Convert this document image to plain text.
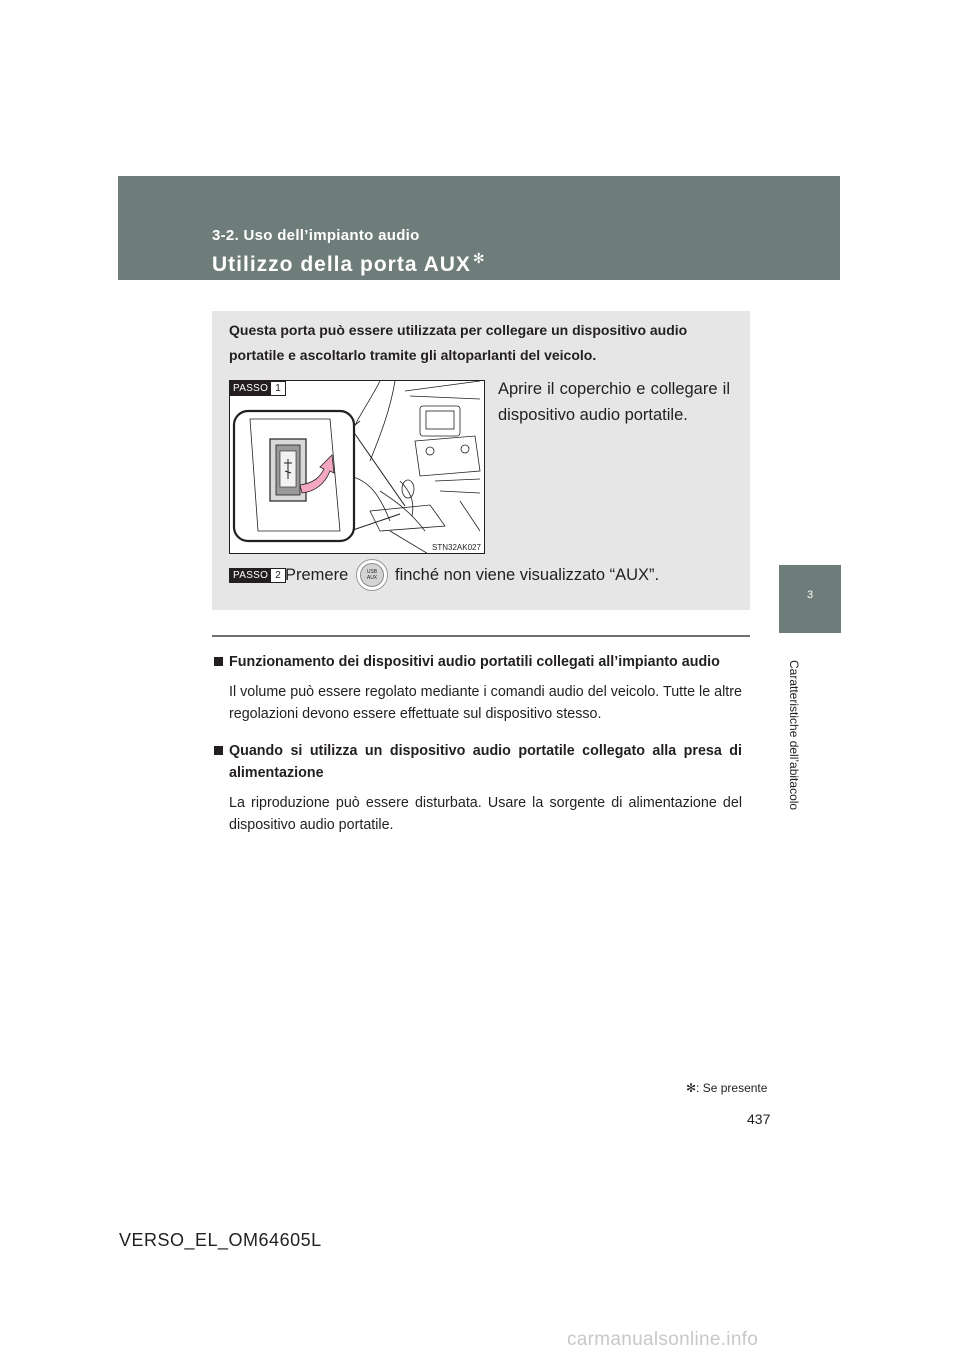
3-2. Uso dell’impianto audio
Utilizzo della porta AUX ✻
3
Caratteristiche dell’abitacolo
Questa porta può essere utilizzata per collegare un dispositivo audio portatile e ascoltarlo tramite gli altoparlanti del veicolo.
STN32AK027
PASSO 1	Aprire il coperchio e collegare il dispositivo audio portatile.
PASSO 2 Premere	USB
AUX	finché non viene visualizzato “AUX”.
Funzionamento dei dispositivi audio portatili collegati all’impianto audio
Il volume può essere regolato mediante i comandi audio del veicolo. Tutte le altre regolazioni devono essere effettuate sul dispositivo stesso.
Quando si utilizza un dispositivo audio portatile collegato alla presa di alimentazione
La riproduzione può essere disturbata. Usare la sorgente di alimentazione del dispositivo audio portatile.
✻: Se presente
437
VERSO_EL_OM64605L
carmanualsonline.info
